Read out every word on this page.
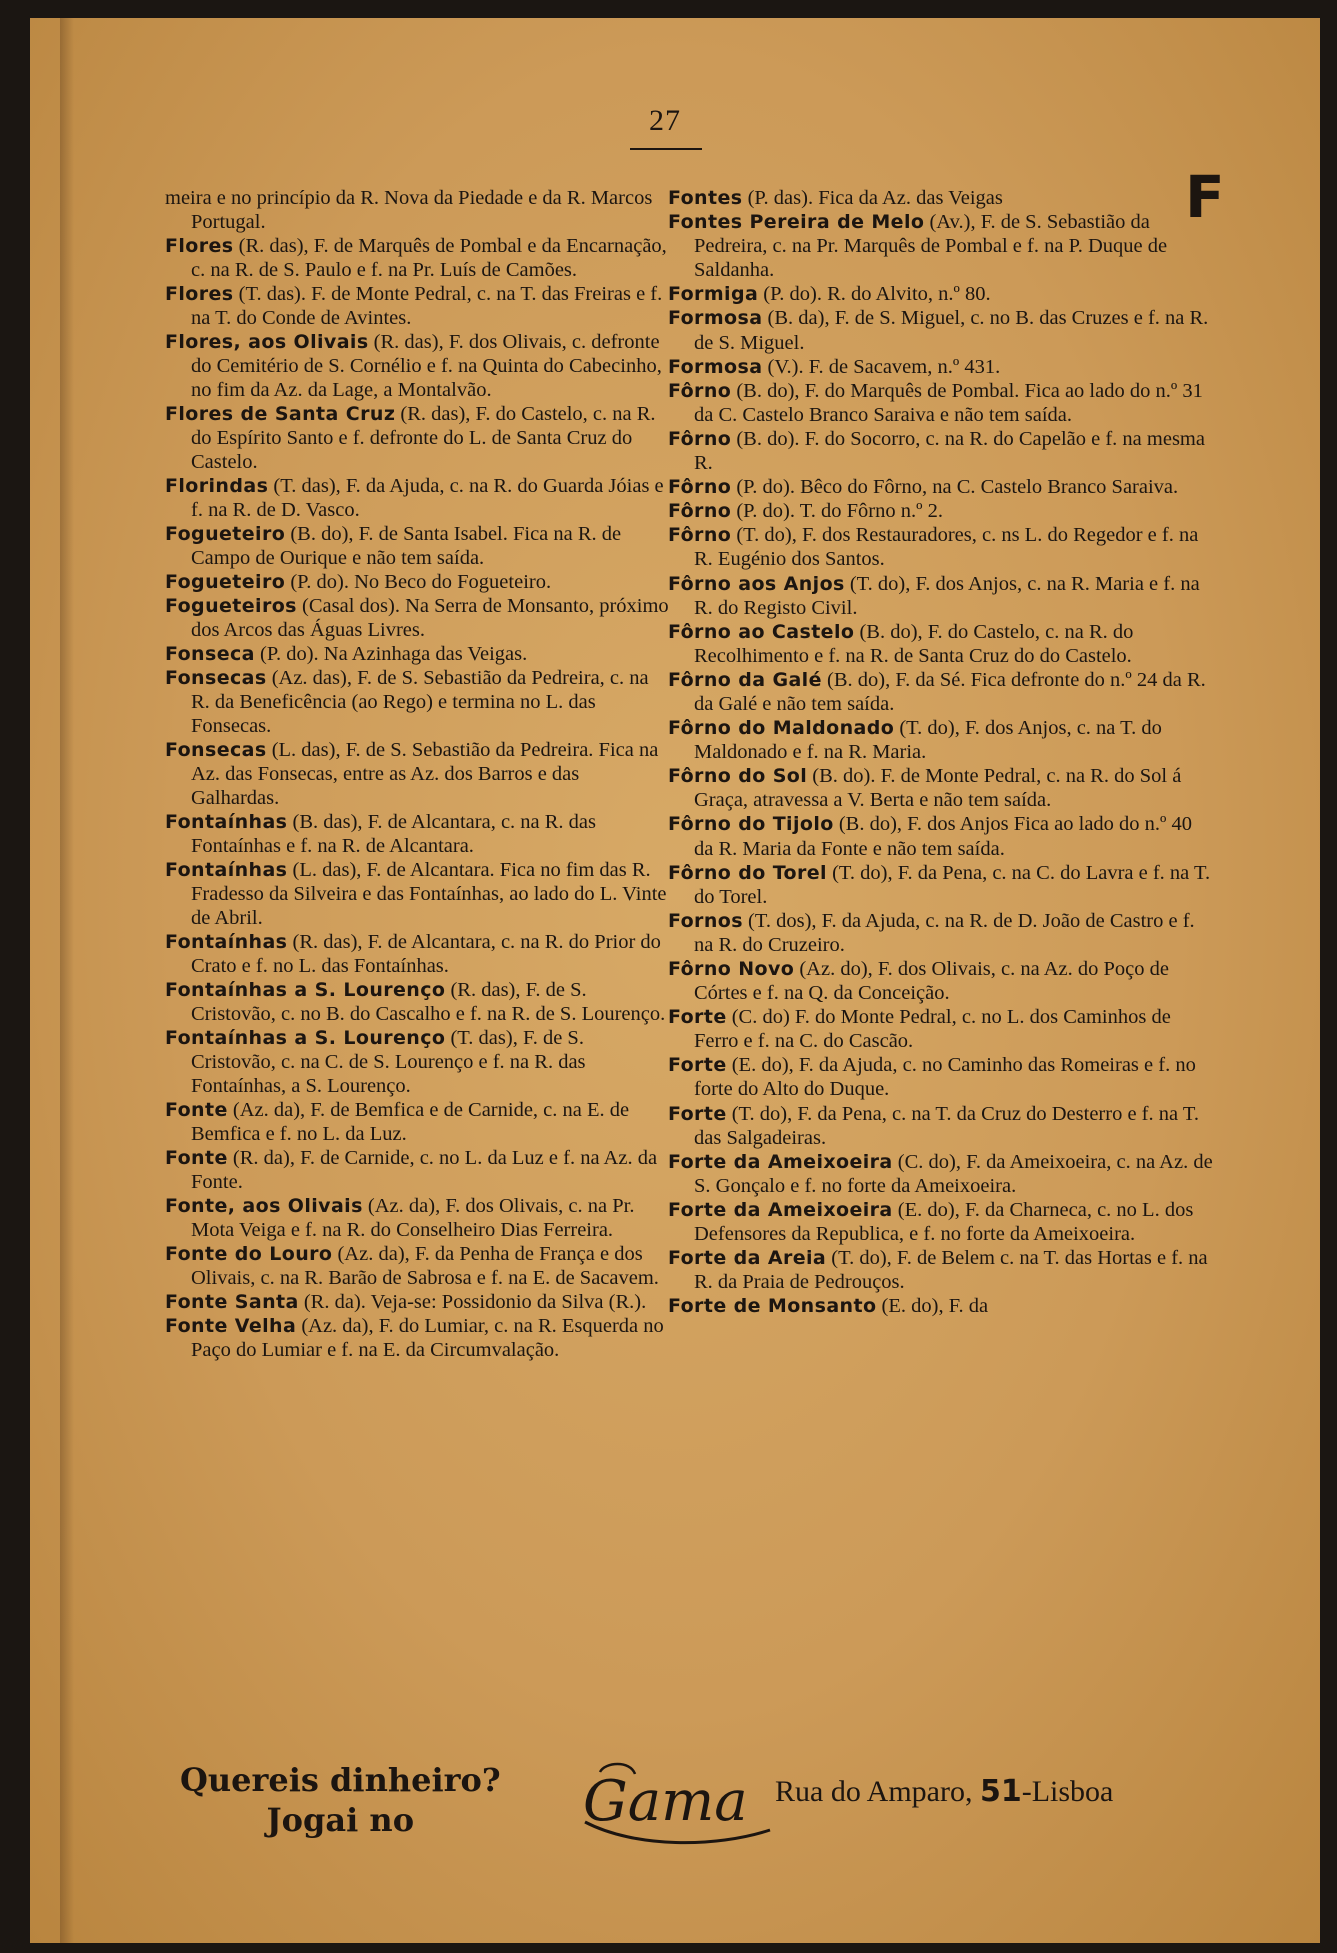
27
F

meira e no princípio da R. Nova da Piedade e da R. Marcos Portugal.

Flores (R. das), F. de Marquês de Pombal e da Encarnação, c. na R. de S. Paulo e f. na Pr. Luís de Camões.

Flores (T. das). F. de Monte Pedral, c. na T. das Freiras e f. na T. do Conde de Avintes.

Flores, aos Olivais (R. das), F. dos Olivais, c. defronte do Cemitério de S. Cornélio e f. na Quinta do Cabecinho, no fim da Az. da Lage, a Montalvão.

Flores de Santa Cruz (R. das), F. do Castelo, c. na R. do Espírito Santo e f. defronte do L. de Santa Cruz do Castelo.

Florindas (T. das), F. da Ajuda, c. na R. do Guarda Jóias e f. na R. de D. Vasco.

Fogueteiro (B. do), F. de Santa Isabel. Fica na R. de Campo de Ourique e não tem saída.

Fogueteiro (P. do). No Beco do Fogueteiro.

Fogueteiros (Casal dos). Na Serra de Monsanto, próximo dos Arcos das Águas Livres.

Fonseca (P. do). Na Azinhaga das Veigas.

Fonsecas (Az. das), F. de S. Sebastião da Pedreira, c. na R. da Beneficência (ao Rego) e termina no L. das Fonsecas.

Fonsecas (L. das), F. de S. Sebastião da Pedreira. Fica na Az. das Fonsecas, entre as Az. dos Barros e das Galhardas.

Fontaínhas (B. das), F. de Alcantara, c. na R. das Fontaínhas e f. na R. de Alcantara.

Fontaínhas (L. das), F. de Alcantara. Fica no fim das R. Fradesso da Silveira e das Fontaínhas, ao lado do L. Vinte de Abril.

Fontaínhas (R. das), F. de Alcantara, c. na R. do Prior do Crato e f. no L. das Fontaínhas.

Fontaínhas a S. Lourenço (R. das), F. de S. Cristovão, c. no B. do Cascalho e f. na R. de S. Lourenço.

Fontaínhas a S. Lourenço (T. das), F. de S. Cristovão, c. na C. de S. Lourenço e f. na R. das Fontaínhas, a S. Lourenço.

Fonte (Az. da), F. de Bemfica e de Carnide, c. na E. de Bemfica e f. no L. da Luz.

Fonte (R. da), F. de Carnide, c. no L. da Luz e f. na Az. da Fonte.

Fonte, aos Olivais (Az. da), F. dos Olivais, c. na Pr. Mota Veiga e f. na R. do Conselheiro Dias Ferreira.

Fonte do Louro (Az. da), F. da Penha de França e dos Olivais, c. na R. Barão de Sabrosa e f. na E. de Sacavem.

Fonte Santa (R. da). Veja-se: Possidonio da Silva (R.).

Fonte Velha (Az. da), F. do Lumiar, c. na R. Esquerda no Paço do Lumiar e f. na E. da Circumvalação.

Fontes (P. das). Fica da Az. das Veigas

Fontes Pereira de Melo (Av.), F. de S. Sebastião da Pedreira, c. na Pr. Marquês de Pombal e f. na P. Duque de Saldanha.

Formiga (P. do). R. do Alvito, n.º 80.

Formosa (B. da), F. de S. Miguel, c. no B. das Cruzes e f. na R. de S. Miguel.

Formosa (V.). F. de Sacavem, n.º 431.

Fôrno (B. do), F. do Marquês de Pombal. Fica ao lado do n.º 31 da C. Castelo Branco Saraiva e não tem saída.

Fôrno (B. do). F. do Socorro, c. na R. do Capelão e f. na mesma R.

Fôrno (P. do). Bêco do Fôrno, na C. Castelo Branco Saraiva.

Fôrno (P. do). T. do Fôrno n.º 2.

Fôrno (T. do), F. dos Restauradores, c. ns L. do Regedor e f. na R. Eugénio dos Santos.

Fôrno aos Anjos (T. do), F. dos Anjos, c. na R. Maria e f. na R. do Registo Civil.

Fôrno ao Castelo (B. do), F. do Castelo, c. na R. do Recolhimento e f. na R. de Santa Cruz do do Castelo.

Fôrno da Galé (B. do), F. da Sé. Fica defronte do n.º 24 da R. da Galé e não tem saída.

Fôrno do Maldonado (T. do), F. dos Anjos, c. na T. do Maldonado e f. na R. Maria.

Fôrno do Sol (B. do). F. de Monte Pedral, c. na R. do Sol á Graça, atravessa a V. Berta e não tem saída.

Fôrno do Tijolo (B. do), F. dos Anjos Fica ao lado do n.º 40 da R. Maria da Fonte e não tem saída.

Fôrno do Torel (T. do), F. da Pena, c. na C. do Lavra e f. na T. do Torel.

Fornos (T. dos), F. da Ajuda, c. na R. de D. João de Castro e f. na R. do Cruzeiro.

Fôrno Novo (Az. do), F. dos Olivais, c. na Az. do Poço de Córtes e f. na Q. da Conceição.

Forte (C. do) F. do Monte Pedral, c. no L. dos Caminhos de Ferro e f. na C. do Cascão.

Forte (E. do), F. da Ajuda, c. no Caminho das Romeiras e f. no forte do Alto do Duque.

Forte (T. do), F. da Pena, c. na T. da Cruz do Desterro e f. na T. das Salgadeiras.

Forte da Ameixoeira (C. do), F. da Ameixoeira, c. na Az. de S. Gonçalo e f. no forte da Ameixoeira.

Forte da Ameixoeira (E. do), F. da Charneca, c. no L. dos Defensores da Republica, e f. no forte da Ameixoeira.

Forte da Areia (T. do), F. de Belem c. na T. das Hortas e f. na R. da Praia de Pedrouços.

Forte de Monsanto (E. do), F. da

Quereis dinheiro?
Jogai no	Gama Rua do Amparo, 51-Lisboa
